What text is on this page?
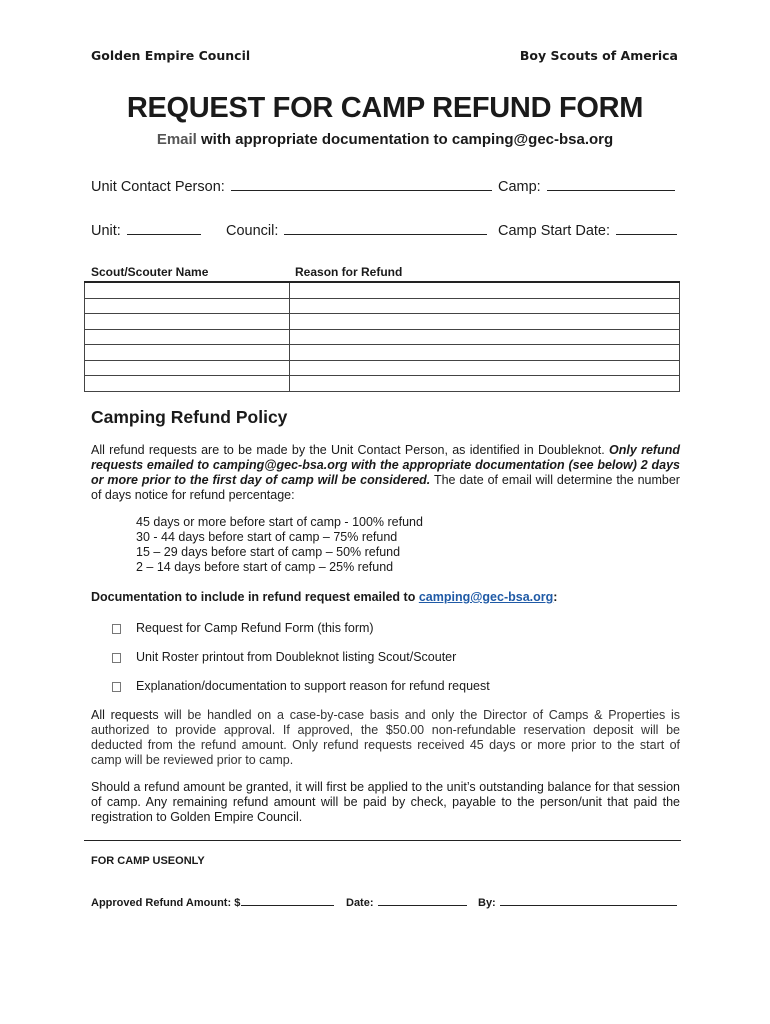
Golden Empire Council	Boy Scouts of America
REQUEST FOR CAMP REFUND FORM
Email with appropriate documentation to camping@gec-bsa.org
Unit Contact Person:	Camp:
Unit:	Council:	Camp Start Date:
Scout/Scouter Name	Reason for Refund

Camping Refund Policy
All refund requests are to be made by the Unit Contact Person, as identified in Doubleknot. Only refund requests emailed to camping@gec-bsa.org with the appropriate documentation (see below) 2 days or more prior to the first day of camp will be considered. The date of email will determine the number of days notice for refund percentage:
45 days or more before start of camp - 100% refund
30 - 44 days before start of camp – 75% refund
15 – 29 days before start of camp – 50% refund
2 – 14 days before start of camp – 25% refund
Documentation to include in refund request emailed to camping@gec-bsa.org:
Request for Camp Refund Form (this form)
Unit Roster printout from Doubleknot listing Scout/Scouter
Explanation/documentation to support reason for refund request
All requests will be handled on a case-by-case basis and only the Director of Camps & Properties is authorized to provide approval. If approved, the $50.00 non-refundable reservation deposit will be deducted from the refund amount. Only refund requests received 45 days or more prior to the start of camp will be reviewed prior to camp.
Should a refund amount be granted, it will first be applied to the unit’s outstanding balance for that session of camp. Any remaining refund amount will be paid by check, payable to the person/unit that paid the registration to Golden Empire Council.
FOR CAMP USEONLY
Approved Refund Amount: $	Date:	By:
